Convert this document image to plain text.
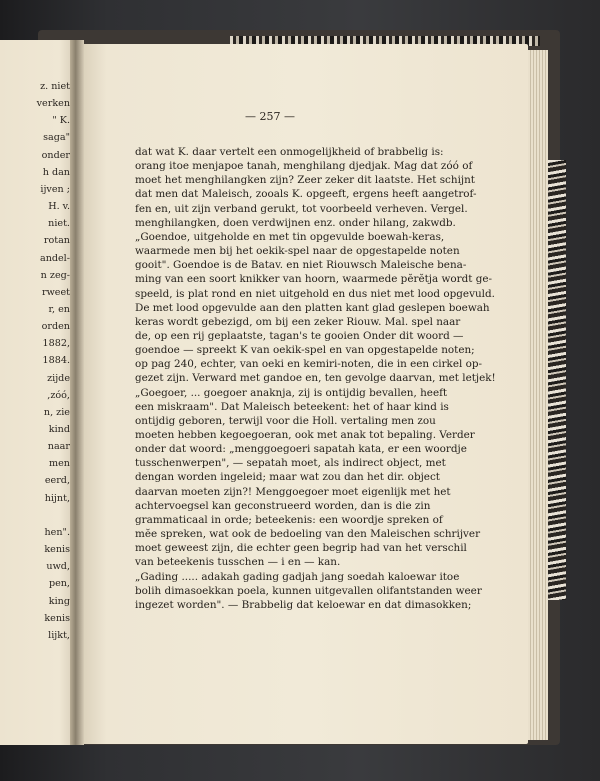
z. niet
verken
" K.
saga"
onder
h dan
ijven ;
H. v.
niet.
rotan
andel-
n zeg-
rweet
r, en
orden
1882,
1884.
zijde
,zóó,
n, zie
kind
naar
men
eerd,
hijnt,
hen".
kenis
uwd,
pen,
king
kenis
lijkt,
— 257 —
dat wat K. daar vertelt een onmogelijkheid of brabbelig is:
orang itoe menjapoe tanah, menghilang djedjak. Mag dat zóó of
moet het menghilangken zijn? Zeer zeker dit laatste. Het schijnt
dat men dat Maleisch, zooals K. opgeeft, ergens heeft aangetrof-
fen en, uit zijn verband gerukt, tot voorbeeld verheven. Vergel.
menghilangken, doen verdwijnen enz. onder hilang, zakwdb.
„Goendoe, uitgeholde en met tin opgevulde boewah-keras,
waarmede men bij het oekik-spel naar de opgestapelde noten
gooit". Goendoe is de Batav. en niet Riouwsch Maleische bena-
ming van een soort knikker van hoorn, waarmede pĕrĕtja wordt ge-
speeld, is plat rond en niet uitgehold en dus niet met lood opgevuld.
De met lood opgevulde aan den platten kant glad geslepen boewah
keras wordt gebezigd, om bij een zeker Riouw. Mal. spel naar
de, op een rij geplaatste, tagan's te gooien Onder dit woord —
goendoe — spreekt K van oekik-spel en van opgestapelde noten;
op pag 240, echter, van oeki en kemiri-noten, die in een cirkel op-
gezet zijn. Verward met gandoe en, ten gevolge daarvan, met letjek!
„Goegoer, ... goegoer anaknja, zij is ontijdig bevallen, heeft
een miskraam". Dat Maleisch beteekent: het of haar kind is
ontijdig geboren, terwijl voor die Holl. vertaling men zou
moeten hebben kegoegoeran, ook met anak tot bepaling. Verder
onder dat woord: „menggoegoeri sapatah kata, er een woordje
tusschenwerpen", — sepatah moet, als indirect object, met
dengan worden ingeleid; maar wat zou dan het dir. object
daarvan moeten zijn?! Menggoegoer moet eigenlijk met het
achtervoegsel kan geconstrueerd worden, dan is die zin
grammaticaal in orde; beteekenis: een woordje spreken of
mĕe spreken, wat ook de bedoeling van den Maleischen schrijver
moet geweest zijn, die echter geen begrip had van het verschil
van beteekenis tusschen — i en — kan.
„Gading ..... adakah gading gadjah jang soedah kaloewar itoe
bolih dimasoekkan poela, kunnen uitgevallen olifantstanden weer
ingezet worden". — Brabbelig dat keloewar en dat dimasokken;
